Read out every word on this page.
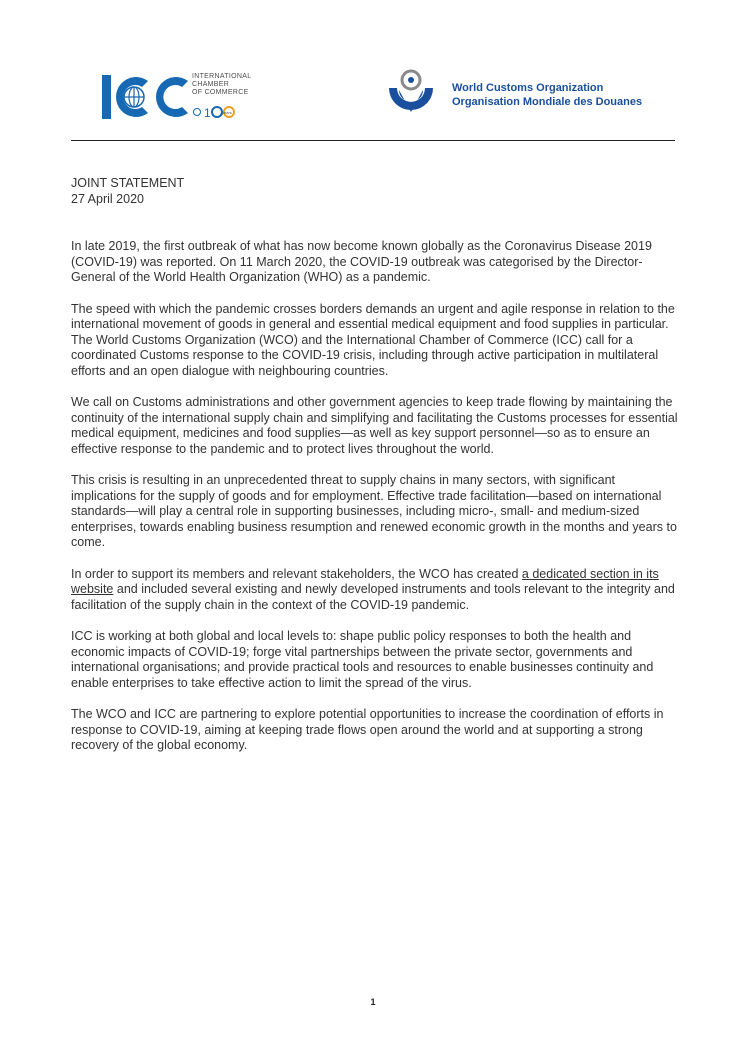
INTERNATIONAL
CHAMBER
OF COMMERCE
1	years
World Customs Organization
Organisation Mondiale des Douanes
JOINT STATEMENT
27 April 2020

In late 2019, the first outbreak of what has now become known globally as the Coronavirus Disease 2019 (COVID-19) was reported. On 11 March 2020, the COVID-19 outbreak was categorised by the Director-General of the World Health Organization (WHO) as a pandemic.

The speed with which the pandemic crosses borders demands an urgent and agile response in relation to the international movement of goods in general and essential medical equipment and food supplies in particular. The World Customs Organization (WCO) and the International Chamber of Commerce (ICC) call for a coordinated Customs response to the COVID-19 crisis, including through active participation in multilateral efforts and an open dialogue with neighbouring countries.

We call on Customs administrations and other government agencies to keep trade flowing by maintaining the continuity of the international supply chain and simplifying and facilitating the Customs processes for essential medical equipment, medicines and food supplies—as well as key support personnel—so as to ensure an effective response to the pandemic and to protect lives throughout the world.

This crisis is resulting in an unprecedented threat to supply chains in many sectors, with significant implications for the supply of goods and for employment. Effective trade facilitation—based on international standards—will play a central role in supporting businesses, including micro-, small- and medium-sized enterprises, towards enabling business resumption and renewed economic growth in the months and years to come.

In order to support its members and relevant stakeholders, the WCO has created a dedicated section in its website and included several existing and newly developed instruments and tools relevant to the integrity and facilitation of the supply chain in the context of the COVID-19 pandemic.

ICC is working at both global and local levels to: shape public policy responses to both the health and economic impacts of COVID-19; forge vital partnerships between the private sector, governments and international organisations; and provide practical tools and resources to enable businesses continuity and enable enterprises to take effective action to limit the spread of the virus.

The WCO and ICC are partnering to explore potential opportunities to increase the coordination of efforts in response to COVID-19, aiming at keeping trade flows open around the world and at supporting a strong recovery of the global economy.

1
